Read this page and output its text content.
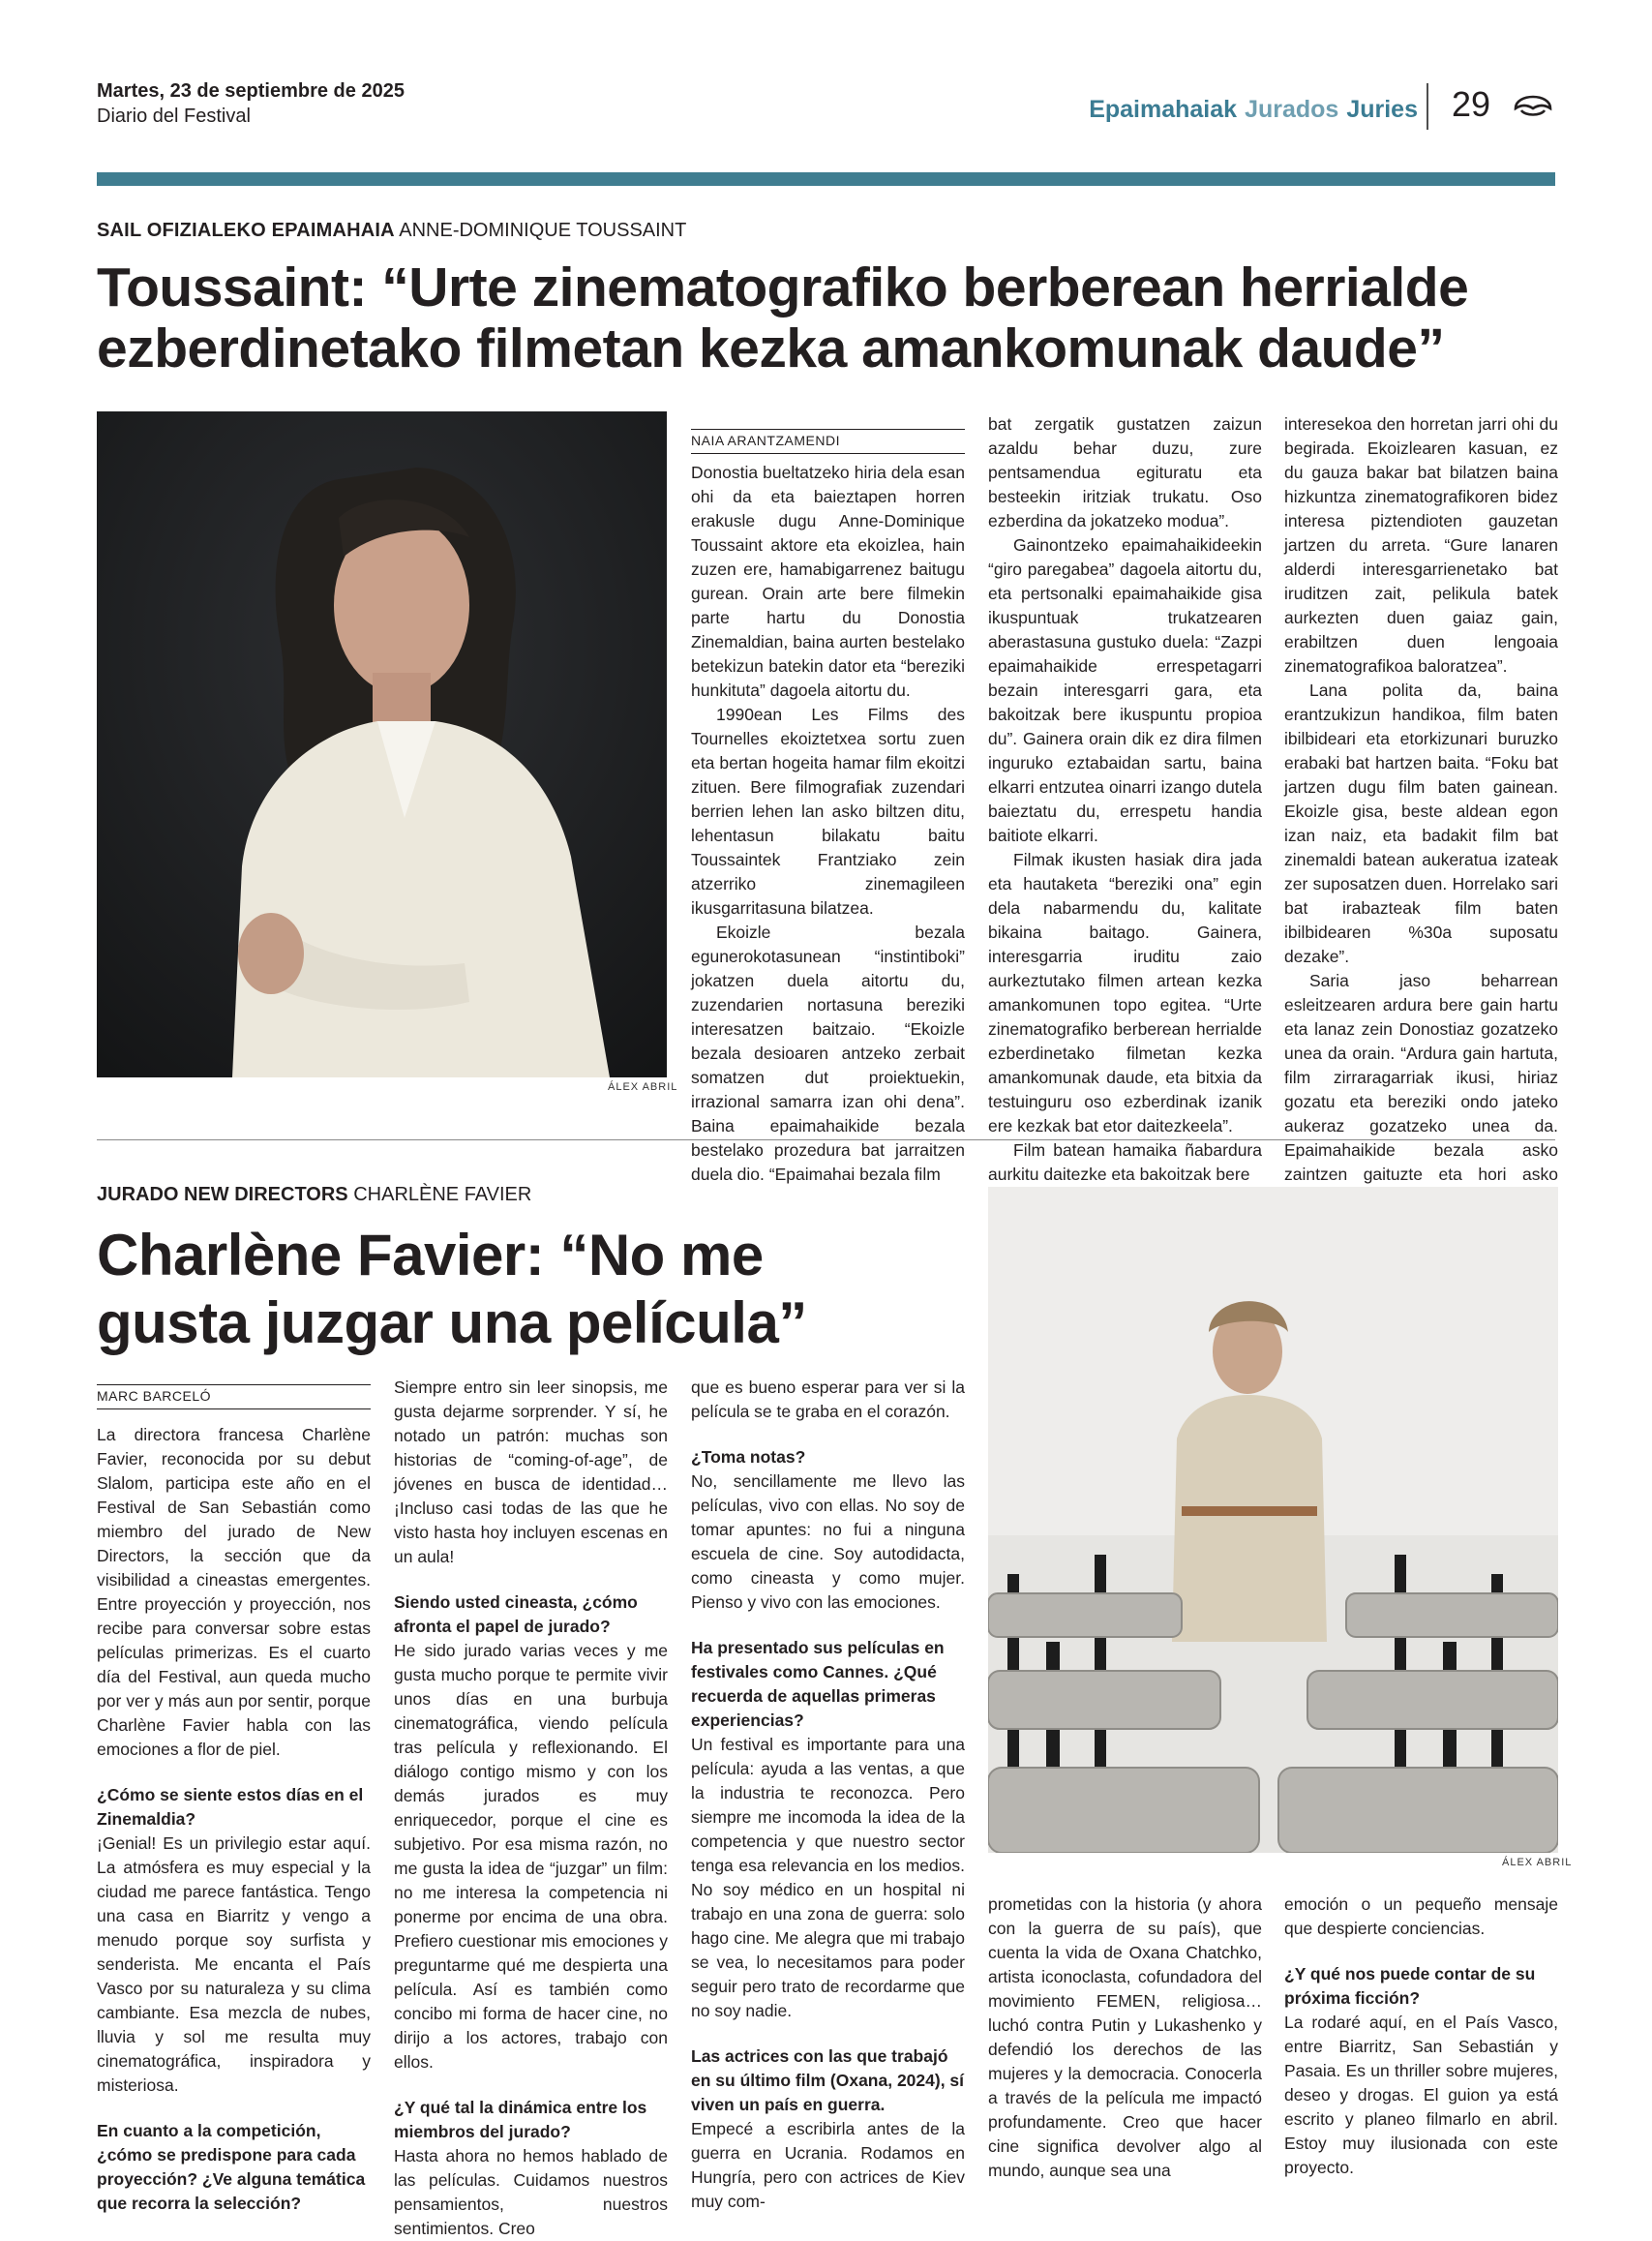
Martes, 23 de septiembre de 2025
Diario del Festival	Epaimahaiak Jurados Juries 29
SAIL OFIZIALEKO EPAIMAHAIA ANNE-DOMINIQUE TOUSSAINT
Toussaint: “Urte zinematografiko berberean herrialde ezberdinetako filmetan kezka amankomunak daude”
ÁLEX ABRIL
NAIA ARANTZAMENDI

Donostia bueltatzeko hiria dela esan ohi da eta baieztapen horren erakusle dugu Anne-Dominique Toussaint aktore eta ekoizlea, hain zuzen ere, hamabigarrenez baitugu gurean. Orain arte bere filmekin parte hartu du Donostia Zinemaldian, baina aurten bestelako betekizun batekin dator eta “bereziki hunkituta” dagoela aitortu du.

1990ean Les Films des Tournelles ekoiztetxea sortu zuen eta bertan hogeita hamar film ekoitzi zituen. Bere filmografiak zuzendari berrien lehen lan asko biltzen ditu, lehentasun bilakatu baitu Toussaintek Frantziako zein atzerriko zinemagileen ikusgarritasuna bilatzea.

Ekoizle bezala egunerokotasunean “instintiboki” jokatzen duela aitortu du, zuzendarien nortasuna bereziki interesatzen baitzaio. “Ekoizle bezala desioaren antzeko zerbait somatzen dut proiektuekin, irrazional samarra izan ohi dena”. Baina epaimahaikide bezala bestelako prozedura bat jarraitzen duela dio. “Epaimahai bezala film

bat zergatik gustatzen zaizun azaldu behar duzu, zure pentsamendua egituratu eta besteekin iritziak trukatu. Oso ezberdina da jokatzeko modua”.

Gainontzeko epaimahaikideekin “giro paregabea” dagoela aitortu du, eta pertsonalki epaimahaikide gisa ikuspuntuak trukatzearen aberastasuna gustuko duela: “Zazpi epaimahaikide errespetagarri bezain interesgarri gara, eta bakoitzak bere ikuspuntu propioa du”. Gainera orain dik ez dira filmen inguruko eztabaidan sartu, baina elkarri entzutea oinarri izango dutela baieztatu du, errespetu handia baitiote elkarri.

Filmak ikusten hasiak dira jada eta hautaketa “bereziki ona” egin dela nabarmendu du, kalitate bikaina baitago. Gainera, interesgarria iruditu zaio aurkeztutako filmen artean kezka amankomunen topo egitea. “Urte zinematografiko berberean herrialde ezberdinetako filmetan kezka amankomunak daude, eta bitxia da testuinguru oso ezberdinak izanik ere kezkak bat etor daitezkeela”.

Film batean hamaika ñabardura aurkitu daitezke eta bakoitzak bere

interesekoa den horretan jarri ohi du begirada. Ekoizlearen kasuan, ez du gauza bakar bat bilatzen baina hizkuntza zinematografikoren bidez interesa piztendioten gauzetan jartzen du arreta. “Gure lanaren alderdi interesgarrienetako bat iruditzen zait, pelikula batek aurkezten duen gaiaz gain, erabiltzen duen lengoaia zinematografikoa baloratzea”.

Lana polita da, baina erantzukizun handikoa, film baten ibilbideari eta etorkizunari buruzko erabaki bat hartzen baita. “Foku bat jartzen dugu film baten gainean. Ekoizle gisa, beste aldean egon izan naiz, eta badakit film bat zinemaldi batean aukeratua izateak zer suposatzen duen. Horrelako sari bat irabazteak film baten ibilbidearen %30a suposatu dezake”.

Saria jaso beharrean esleitzearen ardura bere gain hartu eta lanaz zein Donostiaz gozatzeko unea da orain. “Ardura gain hartuta, film zirraragarriak ikusi, hiriaz gozatu eta bereziki ondo jateko aukeraz gozatzeko unea da. Epaimahaikide bezala asko zaintzen gaituzte eta hori asko

JURADO NEW DIRECTORS CHARLÈNE FAVIER
Charlène Favier: “No me gusta juzgar una película”
MARC BARCELÓ

La directora francesa Charlène Favier, reconocida por su debut Slalom, participa este año en el Festival de San Sebastián como miembro del jurado de New Directors, la sección que da visibilidad a cineastas emergentes. Entre proyección y proyección, nos recibe para conversar sobre estas películas primerizas. Es el cuarto día del Festival, aun queda mucho por ver y más aun por sentir, porque Charlène Favier habla con las emociones a flor de piel.

¿Cómo se siente estos días en el Zinemaldia?

¡Genial! Es un privilegio estar aquí. La atmósfera es muy especial y la ciudad me parece fantástica. Tengo una casa en Biarritz y vengo a menudo porque soy surfista y senderista. Me encanta el País Vasco por su naturaleza y su clima cambiante. Esa mezcla de nubes, lluvia y sol me resulta muy cinematográfica, inspiradora y misteriosa.

En cuanto a la competición, ¿cómo se predispone para cada proyección? ¿Ve alguna temática que recorra la selección?

Siempre entro sin leer sinopsis, me gusta dejarme sorprender. Y sí, he notado un patrón: muchas son historias de “coming-of-age”, de jóvenes en busca de identidad… ¡Incluso casi todas de las que he visto hasta hoy incluyen escenas en un aula!

Siendo usted cineasta, ¿cómo afronta el papel de jurado?

He sido jurado varias veces y me gusta mucho porque te permite vivir unos días en una burbuja cinematográfica, viendo película tras película y reflexionando. El diálogo contigo mismo y con los demás jurados es muy enriquecedor, porque el cine es subjetivo. Por esa misma razón, no me gusta la idea de “juzgar” un film: no me interesa la competencia ni ponerme por encima de una obra. Prefiero cuestionar mis emociones y preguntarme qué me despierta una película. Así es también como concibo mi forma de hacer cine, no dirijo a los actores, trabajo con ellos.

¿Y qué tal la dinámica entre los miembros del jurado?

Hasta ahora no hemos hablado de las películas. Cuidamos nuestros pensamientos, nuestros sentimientos. Creo

que es bueno esperar para ver si la película se te graba en el corazón.

¿Toma notas?

No, sencillamente me llevo las películas, vivo con ellas. No soy de tomar apuntes: no fui a ninguna escuela de cine. Soy autodidacta, como cineasta y como mujer. Pienso y vivo con las emociones.

Ha presentado sus películas en festivales como Cannes. ¿Qué recuerda de aquellas primeras experiencias?

Un festival es importante para una película: ayuda a las ventas, a que la industria te reconozca. Pero siempre me incomoda la idea de la competencia y que nuestro sector tenga esa relevancia en los medios. No soy médico en un hospital ni trabajo en una zona de guerra: solo hago cine. Me alegra que mi trabajo se vea, lo necesitamos para poder seguir pero trato de recordarme que no soy nadie.

Las actrices con las que trabajó en su último film (Oxana, 2024), sí viven un país en guerra.

Empecé a escribirla antes de la guerra en Ucrania. Rodamos en Hungría, pero con actrices de Kiev muy com-

prometidas con la historia (y ahora con la guerra de su país), que cuenta la vida de Oxana Chatchko, artista iconoclasta, cofundadora del movimiento FEMEN, religiosa… luchó contra Putin y Lukashenko y defendió los derechos de las mujeres y la democracia. Conocerla a través de la película me impactó profundamente. Creo que hacer cine significa devolver algo al mundo, aunque sea una

emoción o un pequeño mensaje que despierte conciencias.

¿Y qué nos puede contar de su próxima ficción?

La rodaré aquí, en el País Vasco, entre Biarritz, San Sebastián y Pasaia. Es un thriller sobre mujeres, deseo y drogas. El guion ya está escrito y planeo filmarlo en abril. Estoy muy ilusionada con este proyecto.

ÁLEX ABRIL
